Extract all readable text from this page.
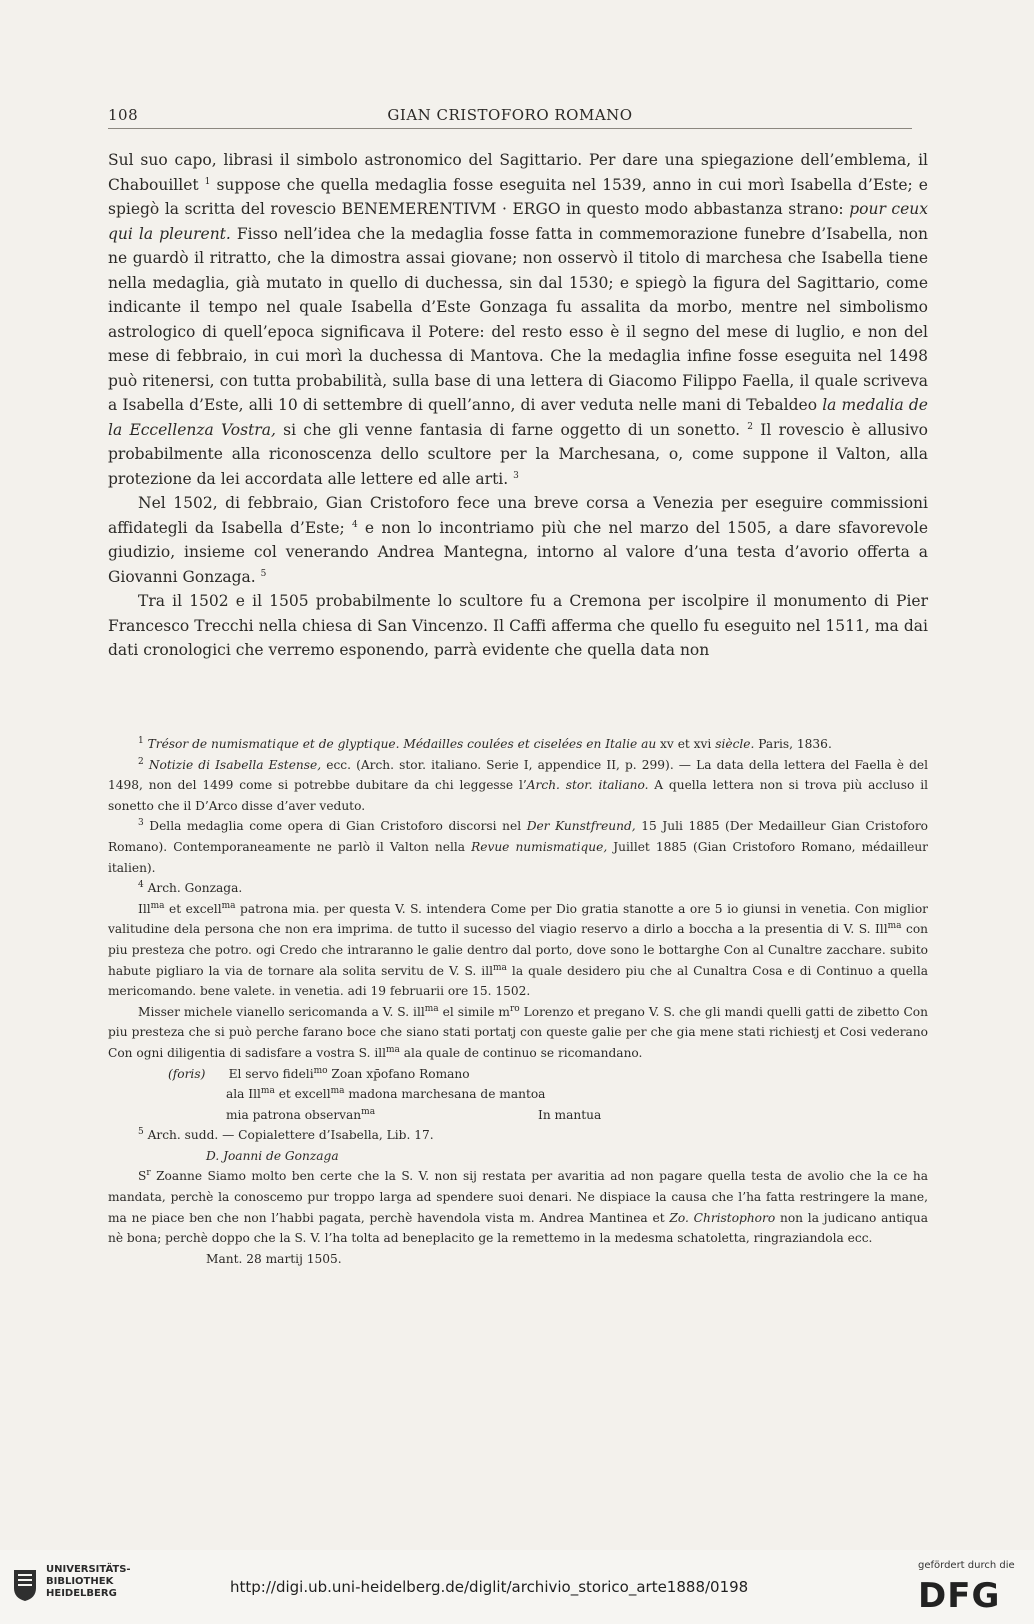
108	GIAN CRISTOFORO ROMANO

Sul suo capo, librasi il simbolo astronomico del Sagittario. Per dare una spiegazione dell’emblema, il Chabouillet $^1$ suppose che quella medaglia fosse eseguita nel 1539, anno in cui morì Isabella d’Este; e spiegò la scritta del rovescio BENEMERENTIVM · ERGO in questo modo abbastanza strano: pour ceux qui la pleurent. Fisso nell’idea che la medaglia fosse fatta in commemorazione funebre d’Isabella, non ne guardò il ritratto, che la dimostra assai giovane; non osservò il titolo di marchesa che Isabella tiene nella medaglia, già mutato in quello di duchessa, sin dal 1530; e spiegò la figura del Sagittario, come indicante il tempo nel quale Isabella d’Este Gonzaga fu assalita da morbo, mentre nel simbolismo astrologico di quell’epoca significava il Potere: del resto esso è il segno del mese di luglio, e non del mese di febbraio, in cui morì la duchessa di Mantova. Che la medaglia infine fosse eseguita nel 1498 può ritenersi, con tutta probabilità, sulla base di una lettera di Giacomo Filippo Faella, il quale scriveva a Isabella d’Este, alli 10 di settembre di quell’anno, di aver veduta nelle mani di Tebaldeo la medalia de la Eccellenza Vostra, si che gli venne fantasia di farne oggetto di un sonetto. $^2$ Il rovescio è allusivo probabilmente alla riconoscenza dello scultore per la Marchesana, o, come suppone il Valton, alla protezione da lei accordata alle lettere ed alle arti. $^3$

Nel 1502, di febbraio, Gian Cristoforo fece una breve corsa a Venezia per eseguire commissioni affidategli da Isabella d’Este; $^4$ e non lo incontriamo più che nel marzo del 1505, a dare sfavorevole giudizio, insieme col venerando Andrea Mantegna, intorno al valore d’una testa d’avorio offerta a Giovanni Gonzaga. $^5$

Tra il 1502 e il 1505 probabilmente lo scultore fu a Cremona per iscolpire il monumento di Pier Francesco Trecchi nella chiesa di San Vincenzo. Il Caffi afferma che quello fu eseguito nel 1511, ma dai dati cronologici che verremo esponendo, parrà evidente che quella data non

$^1$ Trésor de numismatique et de glyptique. Médailles coulées et ciselées en Italie au xv et xvi siècle. Paris, 1836.

$^2$ Notizie di Isabella Estense, ecc. (Arch. stor. italiano. Serie I, appendice II, p. 299). — La data della lettera del Faella è del 1498, non del 1499 come si potrebbe dubitare da chi leggesse l’Arch. stor. italiano. A quella lettera non si trova più accluso il sonetto che il D’Arco disse d’aver veduto.

$^3$ Della medaglia come opera di Gian Cristoforo discorsi nel Der Kunstfreund, 15 Juli 1885 (Der Medailleur Gian Cristoforo Romano). Contemporaneamente ne parlò il Valton nella Revue numismatique, Juillet 1885 (Gian Cristoforo Romano, médailleur italien).

$^4$ Arch. Gonzaga.

Ill$^{ma}$ et excell$^{ma}$ patrona mia. per questa V. S. intendera Come per Dio gratia stanotte a ore 5 io giunsi in venetia. Con miglior valitudine dela persona che non era imprima. de tutto il sucesso del viagio reservo a dirlo a boccha a la presentia di V. S. Ill$^{ma}$ con piu presteza che potro. ogi Credo che intraranno le galie dentro dal porto, dove sono le bottarghe Con al Cunaltre zacchare. subito habute pigliaro la via de tornare ala solita servitu de V. S. ill$^{ma}$ la quale desidero piu che al Cunaltra Cosa e di Continuo a quella mericomando. bene valete. in venetia. adi 19 februarii ore 15. 1502.

Misser michele vianello sericomanda a V. S. ill$^{ma}$ el simile $m^{ro}$ Lorenzo et pregano V. S. che gli mandi quelli gatti de zibetto Con piu presteza che si può perche farano boce che siano stati portatj con queste galie per che gia mene stati richiestj et Cosi vederano Con ogni diligentia di sadisfare a vostra S. ill$^{ma}$ ala quale de continuo se ricomandano.

(foris) El servo fideli$^{mo}$ Zoan xp̄ofano Romano

ala Ill$^{ma}$ et excell$^{ma}$ madona marchesana de mantoa

mia patrona observan$^{ma}$	In mantua

$^5$ Arch. sudd. — Copialettere d’Isabella, Lib. 17.

D. Joanni de Gonzaga

$S^r$ Zoanne Siamo molto ben certe che la S. V. non sij restata per avaritia ad non pagare quella testa de avolio che la ce ha mandata, perchè la conoscemo pur troppo larga ad spendere suoi denari. Ne dispiace la causa che l’ha fatta restringere la mane, ma ne piace ben che non l’habbi pagata, perchè havendola vista m. Andrea Mantinea et Zo. Christophoro non la judicano antiqua nè bona; perchè doppo che la S. V. l’ha tolta ad beneplacito ge la remettemo in la medesma schatoletta, ringraziandola ecc.

Mant. 28 martij 1505.

UNIVERSITÄTS-
BIBLIOTHEK
HEIDELBERG	http://digi.ub.uni-heidelberg.de/diglit/archivio_storico_arte1888/0198
gefördert durch die
DFG
